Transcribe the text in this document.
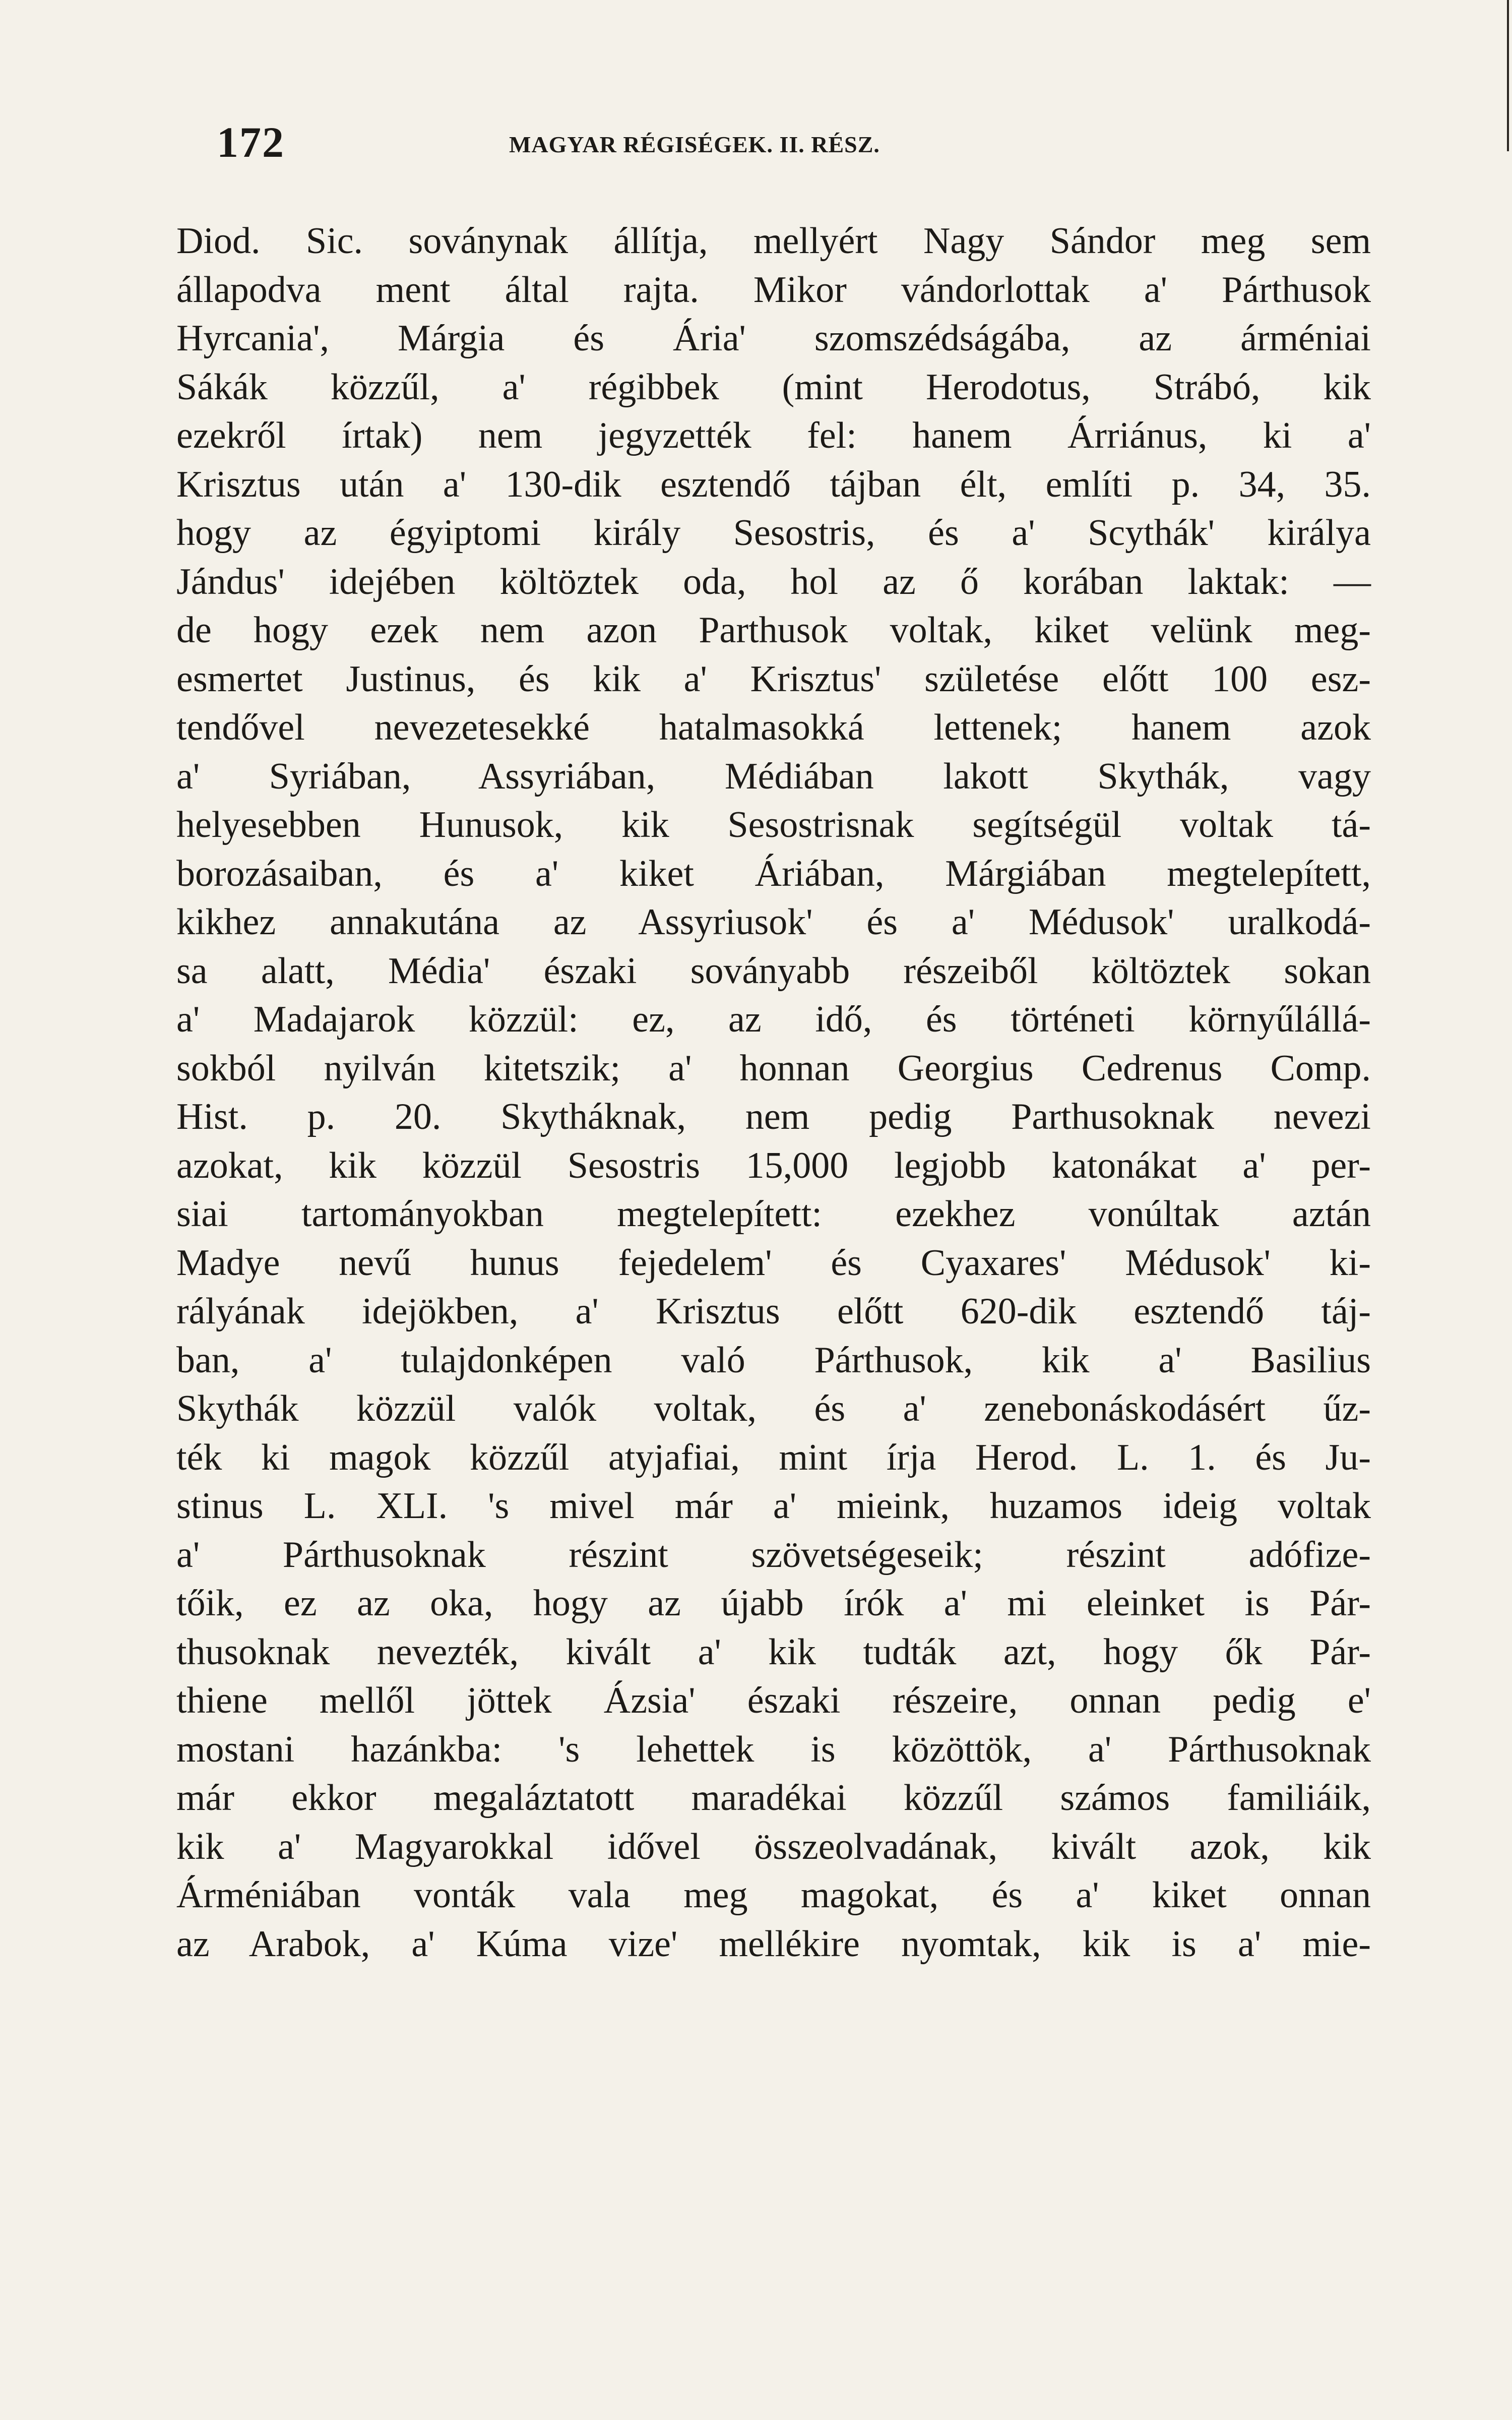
172	MAGYAR RÉGISÉGEK. II. RÉSZ.
Diod. Sic. soványnak állítja, mellyért Nagy Sándor meg sem
állapodva ment által rajta. Mikor vándorlottak a' Párthusok
Hyrcania', Márgia és Ária' szomszédságába, az árméniai
Sákák közzűl, a' régibbek (mint Herodotus, Strábó, kik
ezekről írtak) nem jegyzették fel: hanem Árriánus, ki a'
Krisztus után a' 130-dik esztendő tájban élt, említi p. 34, 35.
hogy az égyiptomi király Sesostris, és a' Scythák' királya
Jándus' idejében költöztek oda, hol az ő korában laktak: —
de hogy ezek nem azon Parthusok voltak, kiket velünk meg-
esmertet Justinus, és kik a' Krisztus' születése előtt 100 esz-
tendővel nevezetesekké hatalmasokká lettenek; hanem azok
a' Syriában, Assyriában, Médiában lakott Skythák, vagy
helyesebben Hunusok, kik Sesostrisnak segítségül voltak tá-
borozásaiban, és a' kiket Áriában, Márgiában megtelepített,
kikhez annakutána az Assyriusok' és a' Médusok' uralkodá-
sa alatt, Média' északi soványabb részeiből költöztek sokan
a' Madajarok közzül: ez, az idő, és történeti környűlállá-
sokból nyilván kitetszik; a' honnan Georgius Cedrenus Comp.
Hist. p. 20. Skytháknak, nem pedig Parthusoknak nevezi
azokat, kik közzül Sesostris 15,000 legjobb katonákat a' per-
siai tartományokban megtelepített: ezekhez vonúltak aztán
Madye nevű hunus fejedelem' és Cyaxares' Médusok' ki-
rályának idejökben, a' Krisztus előtt 620-dik esztendő táj-
ban, a' tulajdonképen való Párthusok, kik a' Basilius
Skythák közzül valók voltak, és a' zenebonáskodásért űz-
ték ki magok közzűl atyjafiai, mint írja Herod. L. 1. és Ju-
stinus L. XLI. 's mivel már a' mieink, huzamos ideig voltak
a' Párthusoknak részint szövetségeseik; részint adófize-
tőik, ez az oka, hogy az újabb írók a' mi eleinket is Pár-
thusoknak nevezték, kivált a' kik tudták azt, hogy ők Pár-
thiene mellől jöttek Ázsia' északi részeire, onnan pedig e'
mostani hazánkba: 's lehettek is közöttök, a' Párthusoknak
már ekkor megaláztatott maradékai közzűl számos familiáik,
kik a' Magyarokkal idővel összeolvadának, kivált azok, kik
Árméniában vonták vala meg magokat, és a' kiket onnan
az Arabok, a' Kúma vize' mellékire nyomtak, kik is a' mie-
